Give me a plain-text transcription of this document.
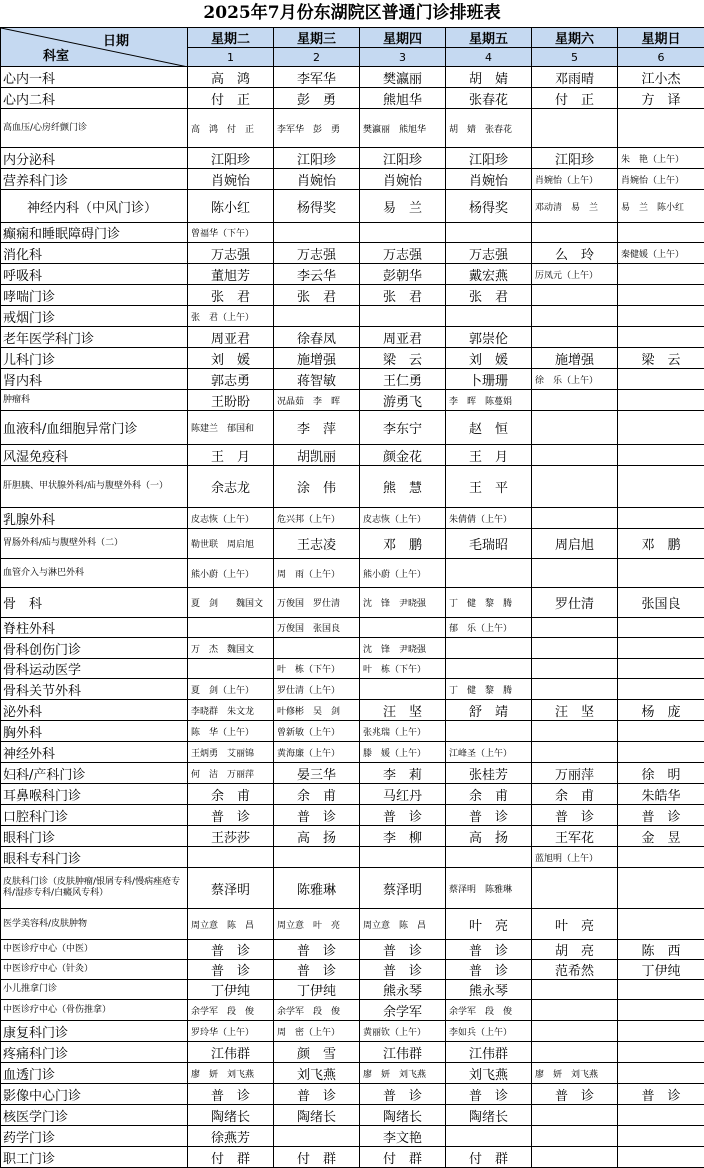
2025年7月份东湖院区普通门诊排班表
日期
科室	星期二	星期三	星期四	星期五	星期六	星期日
	1	2	3	4	5	6
心内一科	高　鸿	李军华	樊瀛丽	胡　婧	邓雨晴	江小杰
心内二科	付　正	彭　勇	熊旭华	张春花	付　正	方　译
高血压/心房纤颤门诊	高　鸿　付　正	李军华　彭　勇	樊瀛丽　熊旭华	胡　婧　张春花		
内分泌科	江阳珍	江阳珍	江阳珍	江阳珍	江阳珍	朱　艳（上午）
营养科门诊	肖婉怡	肖婉怡	肖婉怡	肖婉怡	肖婉怡（上午）	肖婉怡（上午）
神经内科（中风门诊）	陈小红	杨得奖	易　兰	杨得奖	邓动清　易　兰	易　兰　陈小红
癫痫和睡眠障碍门诊	曾福华（下午）					
消化科	万志强	万志强	万志强	万志强	么　玲	秦健媛（上午）
呼吸科	董旭芳	李云华	彭朝华	戴宏燕	厉凤元（上午）	
哮喘门诊	张　君	张　君	张　君	张　君		
戒烟门诊	张　君（上午）					
老年医学科门诊	周亚君	徐春凤	周亚君	郭崇伦		
儿科门诊	刘　媛	施增强	梁　云	刘　媛	施增强	梁　云
肾内科	郭志勇	蒋智敏	王仁勇	卜珊珊	徐　乐（上午）	
肿瘤科	王盼盼	况晶茹　李　晖	游勇飞	李　晖　陈蔓娟		
血液科/血细胞异常门诊	陈建兰　郁国和	李　萍	李东宁	赵　恒		
风湿免疫科	王　月	胡凯丽	颜金花	王　月		
肝胆胰、甲状腺外科/疝与腹壁外科（一）	余志龙	涂　伟	熊　慧	王　平		
乳腺外科	皮志恢（上午）	危兴邦（上午）	皮志恢（上午）	朱倩倩（上午）		
胃肠外科/疝与腹壁外科（二）	勒世联　周启旭	王志凌	邓　鹏	毛瑞昭	周启旭	邓　鹏
血管介入与淋巴外科	熊小蔚（上午）	周　雨（上午）	熊小蔚（上午）			
骨　科	夏　剑　　魏国文	万俊国　罗仕清	沈　锋　尹晓强	丁　健　黎　腾	罗仕清	张国良
脊柱外科		万俊国　张国良		郁　乐（上午）		
骨科创伤门诊	万　杰　魏国文		沈　锋　尹晓强			
骨科运动医学		叶　栋（下午）	叶　栋（下午）			
骨科关节外科	夏　剑（上午）	罗仕清（上午）		丁　健　黎　腾		
泌外科	李晓群　朱文龙	叶修彬　吴　剑	汪　坚	舒　靖	汪　坚	杨　庞
胸外科	陈　华（上午）	曾新敏（上午）	张兆瑞（上午）			
神经外科	王炳勇　艾丽锦	黄海廉（上午）	滕　媛（上午）	江峰圣（上午）		
妇科/产科门诊	何　洁　万丽萍	晏三华	李　莉	张桂芳	万丽萍	徐　明
耳鼻喉科门诊	余　甫	余　甫	马红丹	余　甫	余　甫	朱皓华
口腔科门诊	普　诊	普　诊	普　诊	普　诊	普　诊	普　诊
眼科门诊	王莎莎	高　扬	李　柳	高　扬	王军花	金　昱
眼科专科门诊					蓝旭明（上午）	
皮肤科门诊（皮肤肿瘤/银屑专科/慢病痤疮专科/湿疹专科/白癜风专科）	蔡泽明	陈雅琳	蔡泽明	蔡泽明　陈雅琳		
医学美容科/皮肤肿物	周立意　陈　昌	周立意　叶　亮	周立意　陈　昌	叶　亮	叶　亮	
中医诊疗中心（中医）	普　诊	普　诊	普　诊	普　诊	胡　亮	陈　西
中医诊疗中心（针灸）	普　诊	普　诊	普　诊	普　诊	范希然	丁伊纯
小儿推拿门诊	丁伊纯	丁伊纯	熊永琴	熊永琴		
中医诊疗中心（骨伤推拿）	余学军　段　俊	余学军　段　俊	余学军	余学军　段　俊		
康复科门诊	罗玲华（上午）	周　密（上午）	黄丽钦（上午）	李如兵（上午）		
疼痛科门诊	江伟群	颜　雪	江伟群	江伟群		
血透门诊	廖　妍　刘飞燕	刘飞燕	廖　妍　刘飞燕	刘飞燕	廖　妍　刘飞燕	
影像中心门诊	普　诊	普　诊	普　诊	普　诊	普　诊	普　诊
核医学门诊	陶绪长	陶绪长	陶绪长	陶绪长		
药学门诊	徐燕芳		李文艳			
职工门诊	付　群	付　群	付　群	付　群		
